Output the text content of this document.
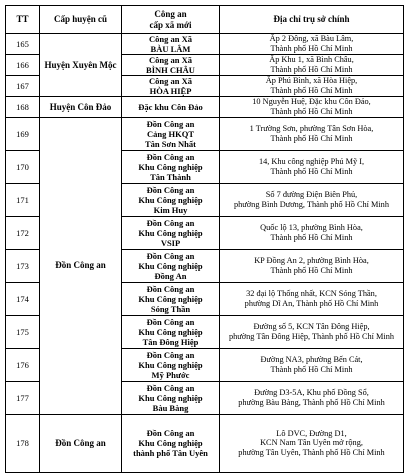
TT	Cấp huyện cũ	Công an
cấp xã mới	Địa chỉ trụ sở chính
165	Huyện Xuyên Mộc	Công an Xã
BÀU LÂM	Ấp 2 Đông, xã Bàu Lâm,
Thành phố Hồ Chí Minh

166		Công an Xã
BÌNH CHÂU	Ấp Khu 1, xã Bình Châu,
Thành phố Hồ Chí Minh

167		Công an Xã
HÒA HIỆP	Ấp Phú Bình, xã Hòa Hiệp,
Thành phố Hồ Chí Minh

168	Huyện Côn Đảo	Đặc khu Côn Đảo	10 Nguyễn Huệ, Đặc khu Côn Đảo,
Thành phố Hồ Chí Minh

169	Đồn Công an	Đồn Công an
Cảng HKQT
Tân Sơn Nhất	1 Trường Sơn, phường Tân Sơn Hòa,
Thành phố Hồ Chí Minh

170		Đồn Công an
Khu Công nghiệp
Tân Thành	14, Khu công nghiệp Phú Mỹ I,
Thành phố Hồ Chí Minh

171		Đồn Công an
Khu Công nghiệp
Kim Huy	Số 7 đường Điện Biên Phủ,
phường Bình Dương, Thành phố Hồ Chí Minh

172		Đồn Công an
Khu Công nghiệp
VSIP	Quốc lộ 13, phường Bình Hòa,
Thành phố Hồ Chí Minh

173		Đồn Công an
Khu Công nghiệp
Đồng An	KP Đồng An 2, phường Bình Hòa,
Thành phố Hồ Chí Minh

174		Đồn Công an
Khu Công nghiệp
Sóng Thần	32 đại lộ Thống nhất, KCN Sóng Thần,
phường Dĩ An, Thành phố Hồ Chí Minh

175		Đồn Công an
Khu Công nghiệp
Tân Đông Hiệp	Đường số 5, KCN Tân Đông Hiệp,
phường Tân Đông Hiệp, Thành phố Hồ Chí Minh

176		Đồn Công an
Khu Công nghiệp
Mỹ Phước	Đường NA3, phường Bến Cát,
Thành phố Hồ Chí Minh

177		Đồn Công an
Khu Công nghiệp
Bàu Bàng	Đường D3-5A, Khu phố Đồng Sổ,
phường Bàu Bàng, Thành phố Hồ Chí Minh

178	Đồn Công an	Đồn Công an
Khu Công nghiệp
thành phố Tân Uyên	Lô DVC, Đường D1,
KCN Nam Tân Uyên mở rộng,
phường Tân Uyên, Thành phố Hồ Chí Minh
